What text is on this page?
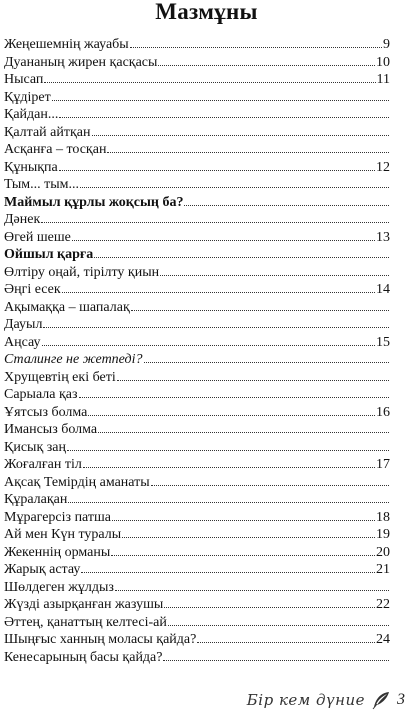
Мазмұны
Жеңешемнің жауабы	9
Дуананың жирен қасқасы	10
Нысап	11
Құдірет
Қайдан...
Қалтай айтқан
Асқанға – тосқан
Құнықпа	12
Тым... тым...
Маймыл құрлы жоқсың ба?
Дәнек
Өгей шеше	13
Ойшыл қарға
Өлтіру оңай, тірілту қиын
Әңгі есек	14
Ақымаққа – шапалақ
Дауыл
Аңсау	15
Сталинге не жетпеді?
Хрущевтің екі беті
Сарыала қаз
Ұятсыз болма	16
Имансыз болма
Қисық заң
Жоғалған тіл	17
Ақсақ Темірдің аманаты
Құралақан
Мұрагерсіз патша	18
Ай мен Күн туралы	19
Жекеннің орманы	20
Жарық астау	21
Шөлдеген жұлдыз
Жүзді азырқанған жазушы	22
Әттең, қанаттың келтесі-ай
Шыңғыс ханның моласы қайда?	24
Кенесарының басы қайда?
Бір кем дүние 3
